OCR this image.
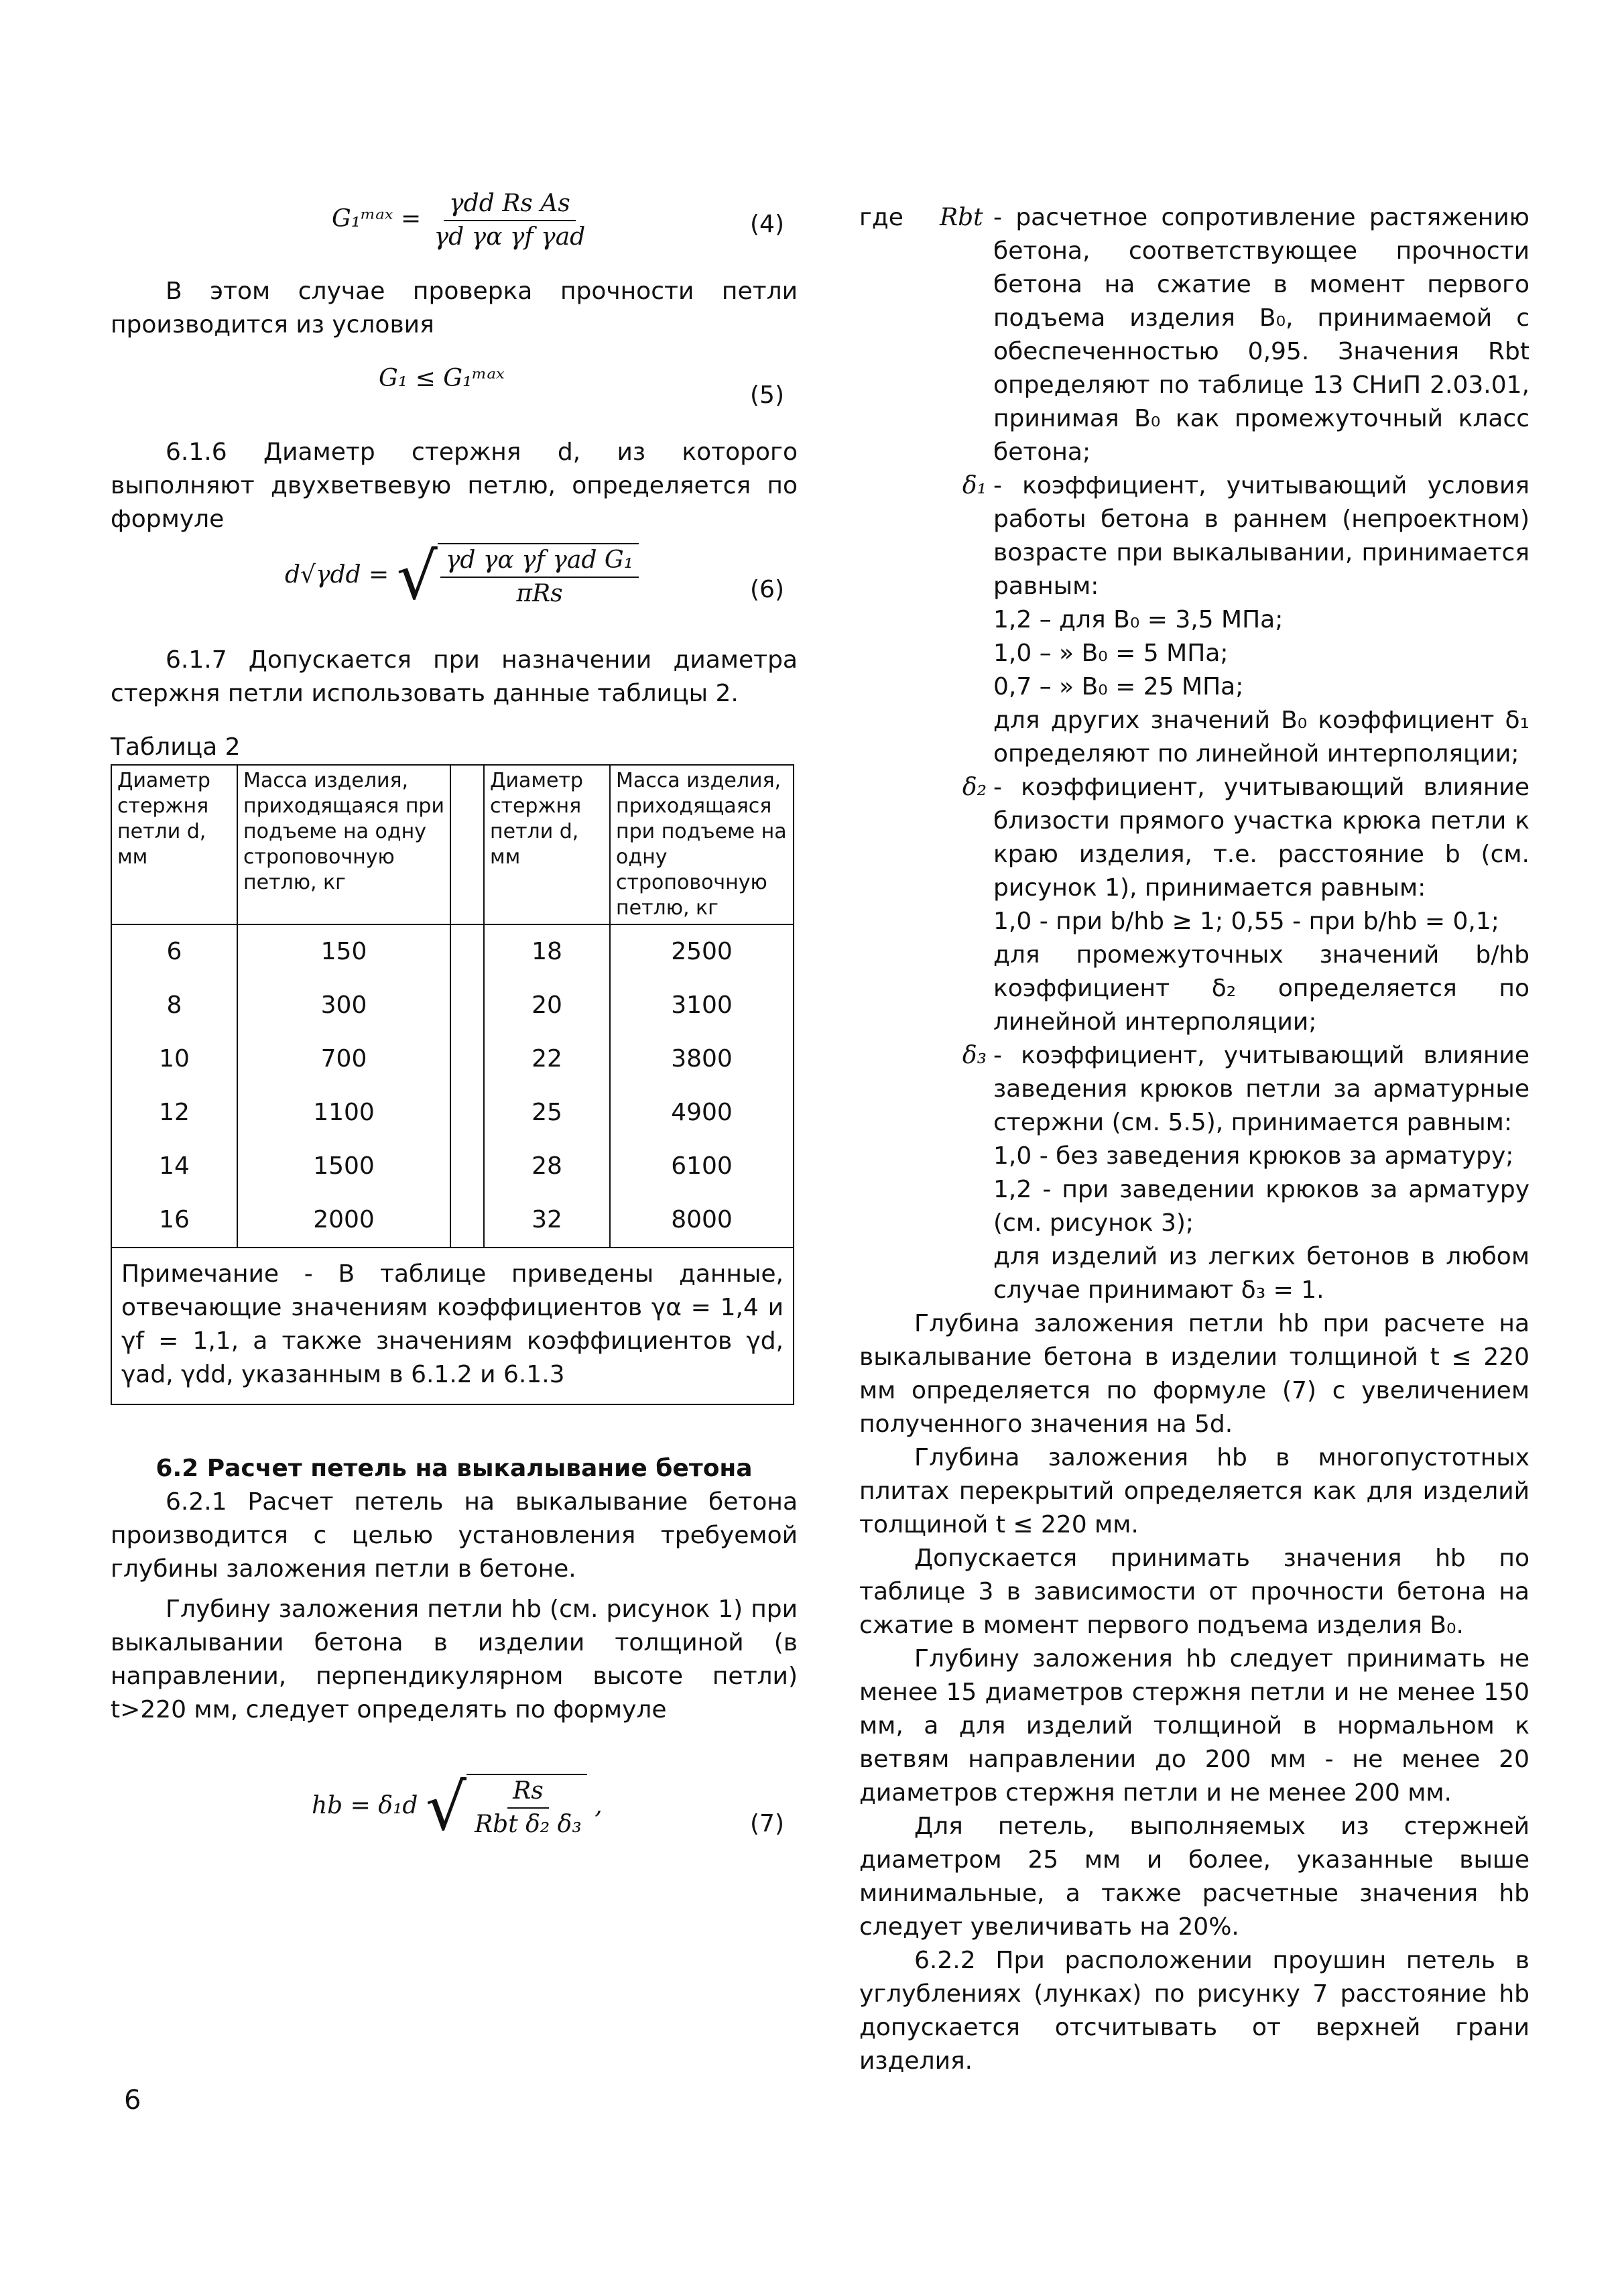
G₁ᵐᵃˣ = $\frac{\text{γdd Rs As}}{\text{γd γα γf γad}}$	(4)

В этом случае проверка прочности петли производится из условия

G₁ ≤ G₁ᵐᵃˣ
(5)

6.1.6 Диаметр стержня d, из которого выполняют двухветвевую петлю, определяется по формуле

d√γdd = √ $\frac{\text{γd γα γf γad G₁}}{\text{πRs}}$	(6)

6.1.7 Допускается при назначении диаметра стержня петли использовать данные таблицы 2.

Таблица 2
Диаметр стержня петли d, мм	Масса изделия, приходящаяся при подъеме на одну строповочную петлю, кг		Диаметр стержня петли d, мм	Масса изделия, приходящаяся при подъеме на одну строповочную петлю, кг
6	150		18	2500
8	300		20	3100
10	700		22	3800
12	1100		25	4900
14	1500		28	6100
16	2000		32	8000
Примечание - В таблице приведены данные, отвечающие значениям коэффициентов γα = 1,4 и γf = 1,1, а также значениям коэффициентов γd, γad, γdd, указанным в 6.1.2 и 6.1.3				
6.2 Расчет петель на выкалывание бетона

6.2.1 Расчет петель на выкалывание бетона производится с целью установления требуемой глубины заложения петли в бетоне.

Глубину заложения петли hb (см. рисунок 1) при выкалывании бетона в изделии толщиной (в направлении, перпендикулярном высоте петли) t>220 мм, следует определять по формуле

hb = δ₁d √ $\frac{Rs}{\text{Rbt δ₂ δ₃}}$ ,
(7)
где	Rbt - расчетное сопротивление растяжению бетона, соответствующее прочности бетона на сжатие в момент первого подъема изделия B₀, принимаемой с обеспеченностью 0,95. Значения Rbt определяют по таблице 13 СНиП 2.03.01, принимая B₀ как промежуточный класс бетона;
δ₁ - коэффициент, учитывающий условия работы бетона в раннем (непроектном) возрасте при выкалывании, принимается равным:

1,2 – для B₀ = 3,5 МПа;

1,0 – » B₀ = 5 МПа;

0,7 – » B₀ = 25 МПа;

для других значений B₀ коэффициент δ₁ определяют по линейной интерполяции;

δ₂ - коэффициент, учитывающий влияние близости прямого участка крюка петли к краю изделия, т.е. расстояние b (см. рисунок 1), принимается равным:

1,0 - при b/hb ≥ 1; 0,55 - при b/hb = 0,1;

для промежуточных значений b/hb коэффициент δ₂ определяется по линейной интерполяции;

δ₃ - коэффициент, учитывающий влияние заведения крюков петли за арматурные стержни (см. 5.5), принимается равным:

1,0 - без заведения крюков за арматуру;

1,2 - при заведении крюков за арматуру (см. рисунок 3);

для изделий из легких бетонов в любом случае принимают δ₃ = 1.

Глубина заложения петли hb при расчете на выкалывание бетона в изделии толщиной t ≤ 220 мм определяется по формуле (7) с увеличением полученного значения на 5d.

Глубина заложения hb в многопустотных плитах перекрытий определяется как для изделий толщиной t ≤ 220 мм.

Допускается принимать значения hb по таблице 3 в зависимости от прочности бетона на сжатие в момент первого подъема изделия B₀.

Глубину заложения hb следует принимать не менее 15 диаметров стержня петли и не менее 150 мм, а для изделий толщиной в нормальном к ветвям направлении до 200 мм - не менее 20 диаметров стержня петли и не менее 200 мм.

Для петель, выполняемых из стержней диаметром 25 мм и более, указанные выше минимальные, а также расчетные значения hb следует увеличивать на 20%.

6.2.2 При расположении проушин петель в углублениях (лунках) по рисунку 7 расстояние hb допускается отсчитывать от верхней грани изделия.

6
